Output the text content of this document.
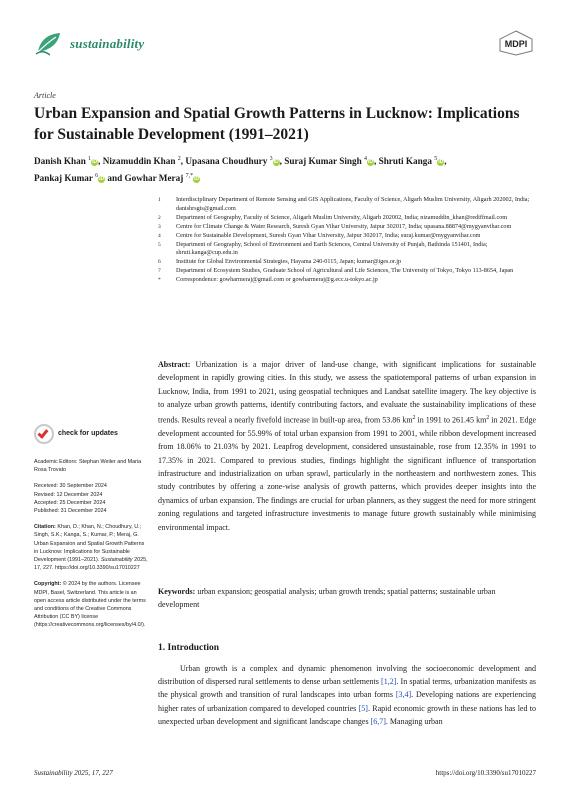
sustainability	MDPI
Article
Urban Expansion and Spatial Growth Patterns in Lucknow: Implications for Sustainable Development (1991–2021)
Danish Khan $^1$iD, Nizamuddin Khan $^2$, Upasana Choudhury $^3$iD, Suraj Kumar Singh $^4$iD, Shruti Kanga $^5$iD,
Pankaj Kumar $^6$iD and Gowhar Meraj $^{7,*}$iD
1 Interdisciplinary Department of Remote Sensing and GIS Applications, Faculty of Science, Aligarh Muslim University, Aligarh 202002, India; danishrsgis@gmail.com
2 Department of Geography, Faculty of Science, Aligarh Muslim University, Aligarh 202002, India; nizamuddin_khan@rediffmail.com
3 Centre for Climate Change & Water Research, Suresh Gyan Vihar University, Jaipur 302017, India; upasana.88874@mygyanvihar.com
4 Centre for Sustainable Development, Suresh Gyan Vihar University, Jaipur 302017, India; suraj.kumar@mygyanvihar.com
5 Department of Geography, School of Environment and Earth Sciences, Central University of Punjab, Bathinda 151401, India; shruti.kanga@cup.edu.in
6 Institute for Global Environmental Strategies, Hayama 240-0115, Japan; kumar@iges.or.jp
7 Department of Ecosystem Studies, Graduate School of Agricultural and Life Sciences, The University of Tokyo, Tokyo 113-8654, Japan
* Correspondence: gowharmeraj@gmail.com or gowharmeraj@g.ecc.u-tokyo.ac.jp
Abstract: Urbanization is a major driver of land-use change, with significant implications for sustainable development in rapidly growing cities. In this study, we assess the spatiotemporal patterns of urban expansion in Lucknow, India, from 1991 to 2021, using geospatial techniques and Landsat satellite imagery. The key objective is to analyze urban growth patterns, identify contributing factors, and evaluate the sustainability implications of these trends. Results reveal a nearly fivefold increase in built-up area, from 53.86 $km^2$ in 1991 to 261.45 $km^2$ in 2021. Edge development accounted for 55.99% of total urban expansion from 1991 to 2001, while ribbon development increased from 18.06% to 21.03% by 2021. Leapfrog development, considered unsustainable, rose from 12.35% in 1991 to 17.35% in 2021. Compared to previous studies, findings highlight the significant influence of transportation infrastructure and industrialization on urban sprawl, particularly in the northeastern and northwestern zones. This study contributes by offering a zone-wise analysis of growth patterns, which provides deeper insights into the dynamics of urban expansion. The findings are crucial for urban planners, as they suggest the need for more stringent zoning regulations and targeted infrastructure investments to manage future growth sustainably while minimising environmental impact.
Keywords: urban expansion; geospatial analysis; urban growth trends; spatial patterns; sustainable urban development
check for updates
Academic Editors: Stephan Weiler and Maria Rosa Trovato
Received: 30 September 2024
Revised: 12 December 2024
Accepted: 25 December 2024
Published: 31 December 2024
Citation: Khan, D.; Khan, N.; Choudhury, U.; Singh, S.K.; Kanga, S.; Kumar, P.; Meraj, G. Urban Expansion and Spatial Growth Patterns in Lucknow: Implications for Sustainable Development (1991–2021). Sustainability 2025, 17, 227. https://doi.org/10.3390/su17010227
Copyright: © 2024 by the authors. Licensee MDPI, Basel, Switzerland. This article is an open access article distributed under the terms and conditions of the Creative Commons Attribution (CC BY) license (https://creativecommons.org/licenses/by/4.0/).
1. Introduction
Urban growth is a complex and dynamic phenomenon involving the socioeconomic development and distribution of dispersed rural settlements to dense urban settlements [1,2]. In spatial terms, urbanization manifests as the physical growth and transition of rural landscapes into urban forms [3,4]. Developing nations are experiencing higher rates of urbanization compared to developed countries [5]. Rapid economic growth in these nations has led to unexpected urban development and significant landscape changes [6,7]. Managing urban
Sustainability 2025, 17, 227	https://doi.org/10.3390/su17010227
